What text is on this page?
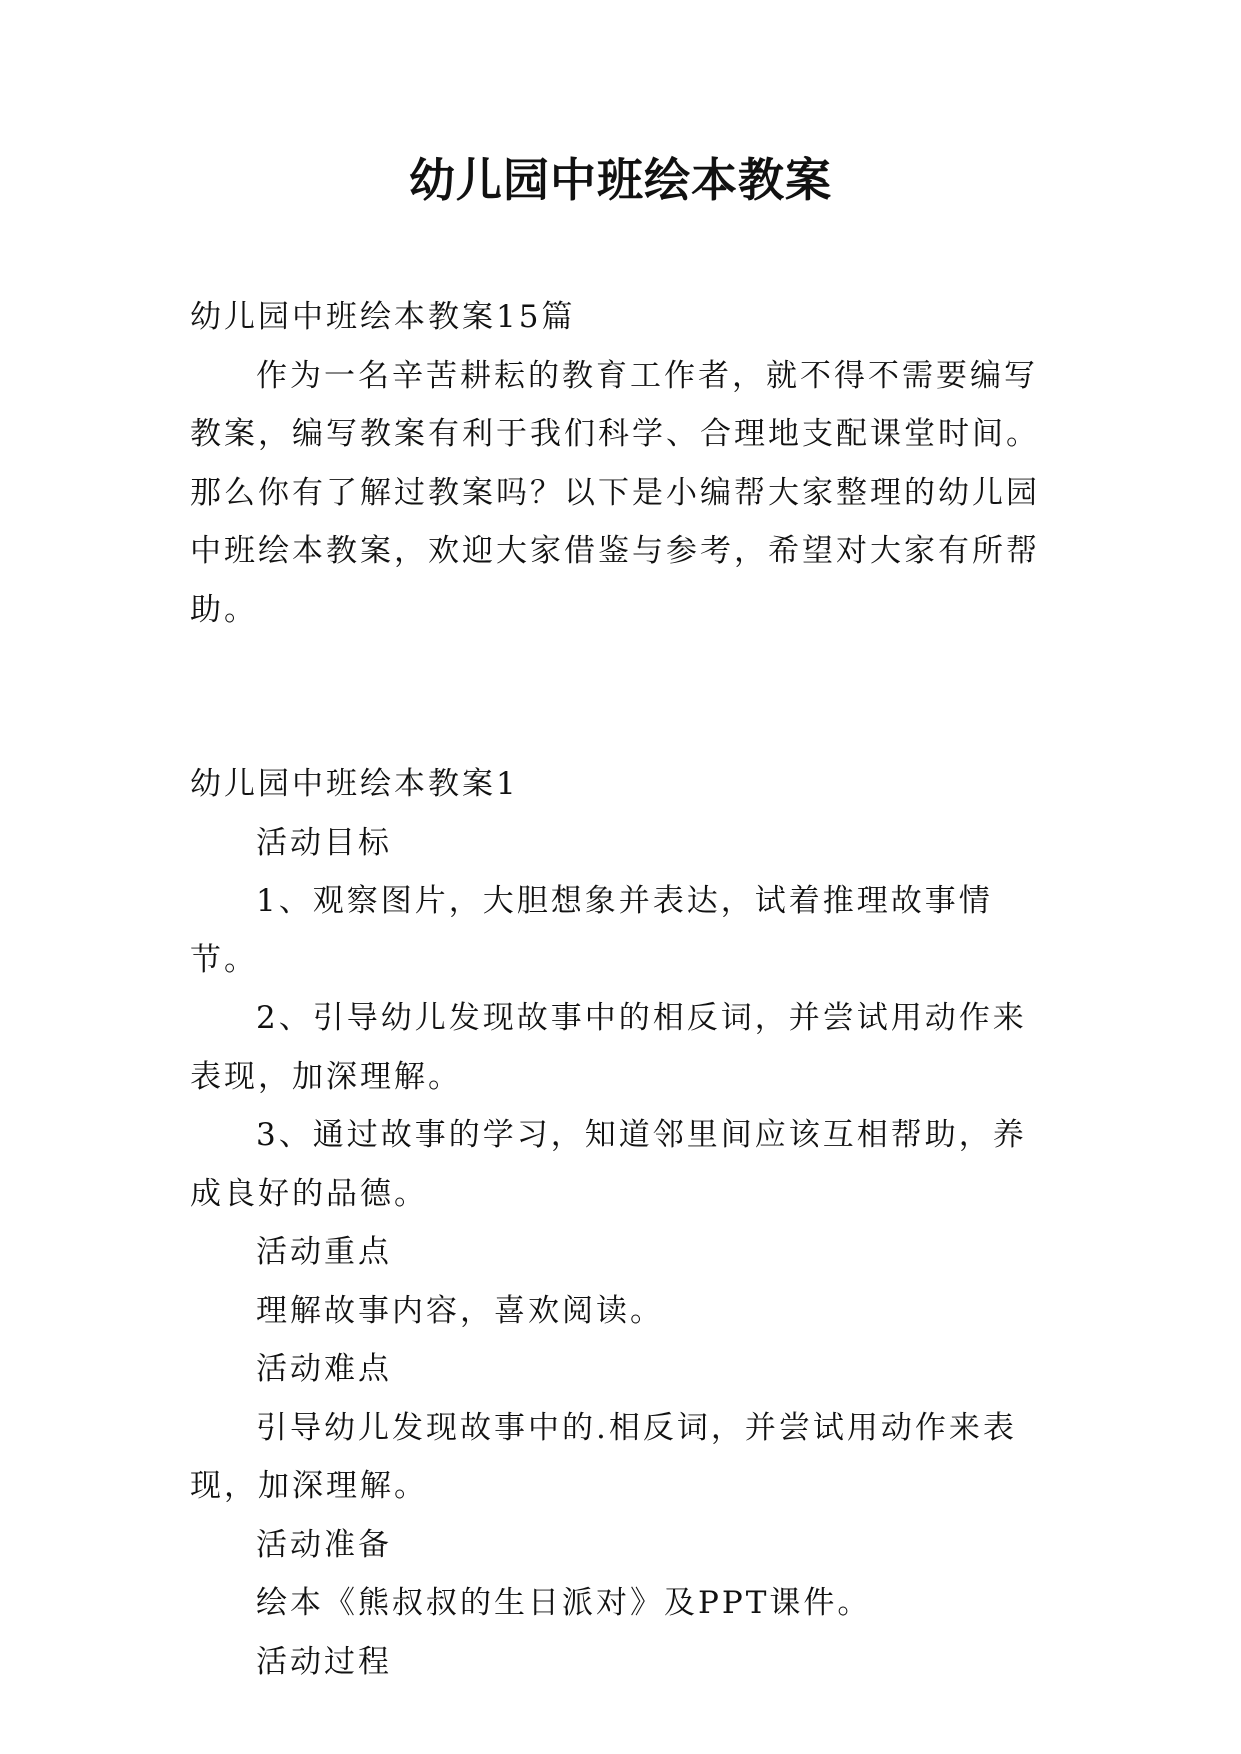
幼儿园中班绘本教案

幼儿园中班绘本教案15篇

作为一名辛苦耕耘的教育工作者，就不得不需要编写教案，编写教案有利于我们科学、合理地支配课堂时间。那么你有了解过教案吗？以下是小编帮大家整理的幼儿园中班绘本教案，欢迎大家借鉴与参考，希望对大家有所帮助。

幼儿园中班绘本教案1

活动目标

1、观察图片，大胆想象并表达，试着推理故事情节。

2、引导幼儿发现故事中的相反词，并尝试用动作来表现，加深理解。

3、通过故事的学习，知道邻里间应该互相帮助，养成良好的品德。

活动重点

理解故事内容，喜欢阅读。

活动难点

引导幼儿发现故事中的.相反词，并尝试用动作来表现，加深理解。

活动准备

绘本《熊叔叔的生日派对》及PPT课件。

活动过程
